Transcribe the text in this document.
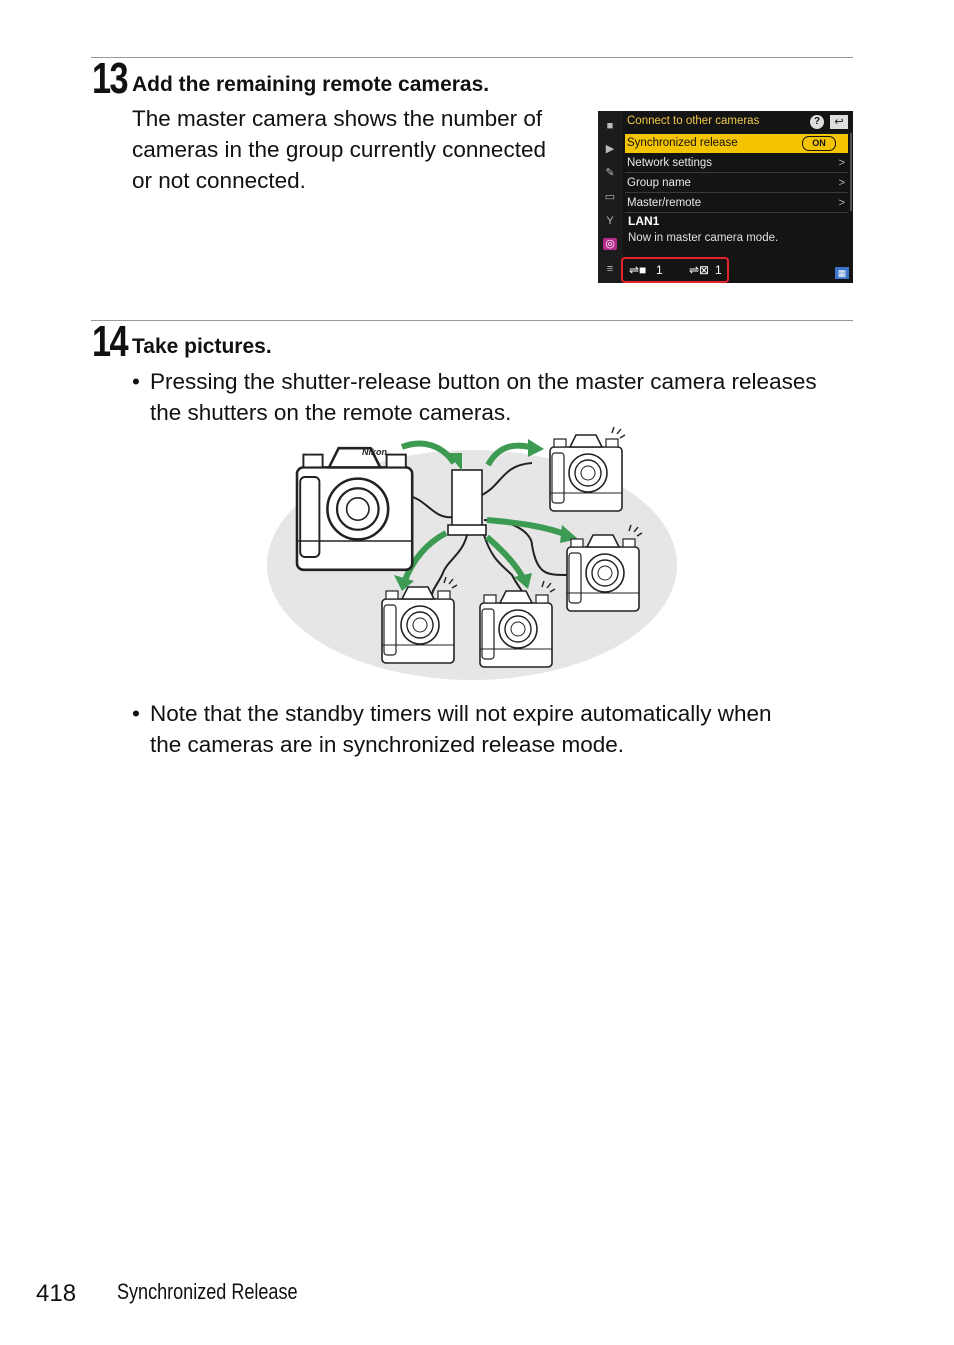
13 Add the remaining remote cameras.
The master camera shows the number of
cameras in the group currently connected
or not connected.
■
▶
✎
▭
Y
◎
≡
Connect to other cameras	?	↩
Synchronized release	ON
Network settings	>
Group name	>
Master/remote	>
LAN1
Now in master camera mode.
⇌■ 1 ⇌⊠ 1	▦
14 Take pictures.
• Pressing the shutter-release button on the master camera releases
the shutters on the remote cameras.
Nikon
• Note that the standby timers will not expire automatically when
the cameras are in synchronized release mode.
418 Synchronized Release
